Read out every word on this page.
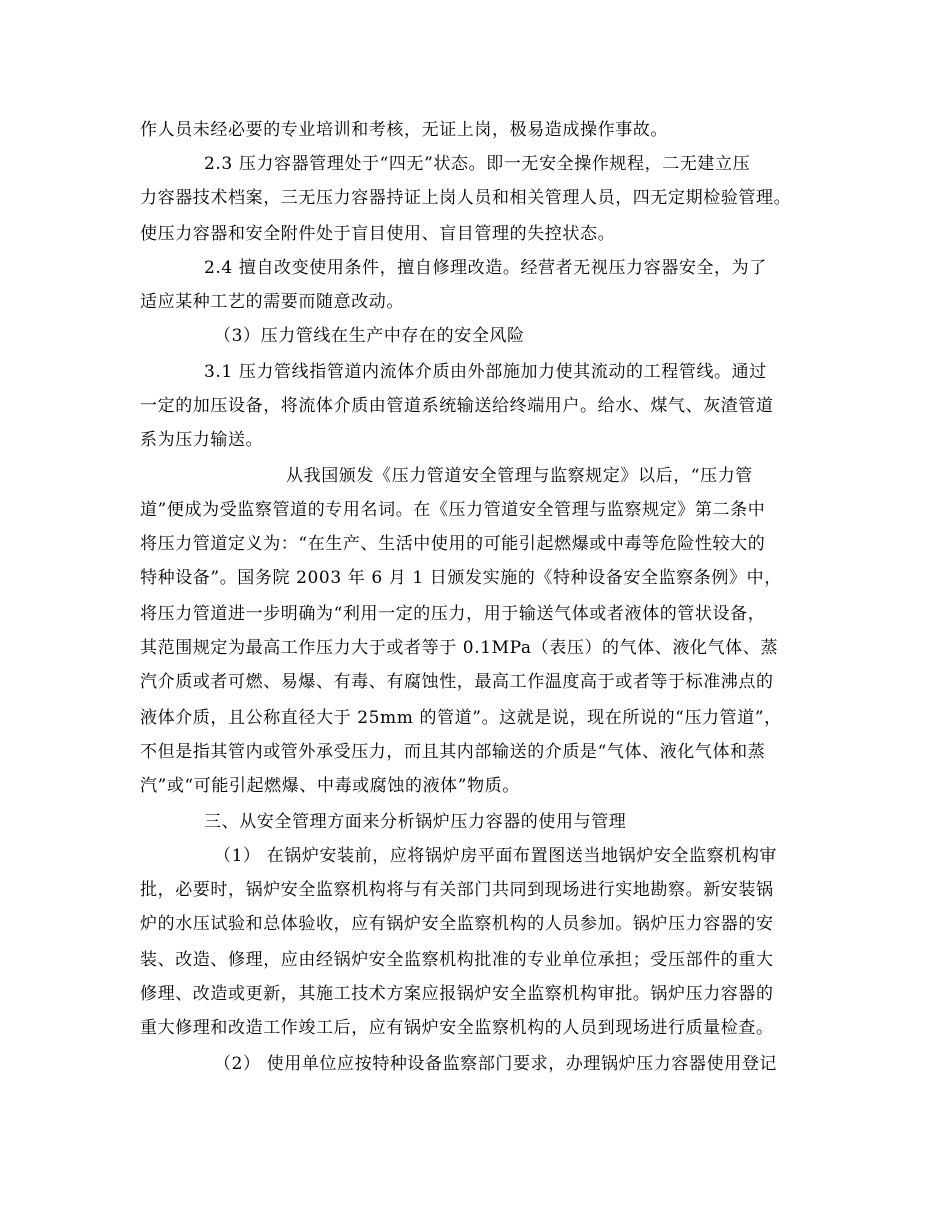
作人员未经必要的专业培训和考核，无证上岗，极易造成操作事故。
2.3 压力容器管理处于“四无”状态。即一无安全操作规程，二无建立压
力容器技术档案，三无压力容器持证上岗人员和相关管理人员，四无定期检验管理。
使压力容器和安全附件处于盲目使用、盲目管理的失控状态。
2.4 擅自改变使用条件，擅自修理改造。经营者无视压力容器安全，为了
适应某种工艺的需要而随意改动。
（3）压力管线在生产中存在的安全风险
3.1 压力管线指管道内流体介质由外部施加力使其流动的工程管线。通过
一定的加压设备，将流体介质由管道系统输送给终端用户。给水、煤气、灰渣管道
系为压力输送。
从我国颁发《压力管道安全管理与监察规定》以后，“压力管
道”便成为受监察管道的专用名词。在《压力管道安全管理与监察规定》第二条中
将压力管道定义为：“在生产、生活中使用的可能引起燃爆或中毒等危险性较大的
特种设备”。国务院 2003 年 6 月 1 日颁发实施的《特种设备安全监察条例》中，
将压力管道进一步明确为“利用一定的压力，用于输送气体或者液体的管状设备，
其范围规定为最高工作压力大于或者等于 0.1MPa（表压）的气体、液化气体、蒸
汽介质或者可燃、易爆、有毒、有腐蚀性，最高工作温度高于或者等于标准沸点的
液体介质，且公称直径大于 25mm 的管道”。这就是说，现在所说的“压力管道”，
不但是指其管内或管外承受压力，而且其内部输送的介质是“气体、液化气体和蒸
汽”或“可能引起燃爆、中毒或腐蚀的液体”物质。
三、从安全管理方面来分析锅炉压力容器的使用与管理
（1） 在锅炉安装前，应将锅炉房平面布置图送当地锅炉安全监察机构审
批，必要时，锅炉安全监察机构将与有关部门共同到现场进行实地勘察。新安装锅
炉的水压试验和总体验收，应有锅炉安全监察机构的人员参加。锅炉压力容器的安
装、改造、修理，应由经锅炉安全监察机构批准的专业单位承担；受压部件的重大
修理、改造或更新，其施工技术方案应报锅炉安全监察机构审批。锅炉压力容器的
重大修理和改造工作竣工后，应有锅炉安全监察机构的人员到现场进行质量检查。
（2） 使用单位应按特种设备监察部门要求，办理锅炉压力容器使用登记
